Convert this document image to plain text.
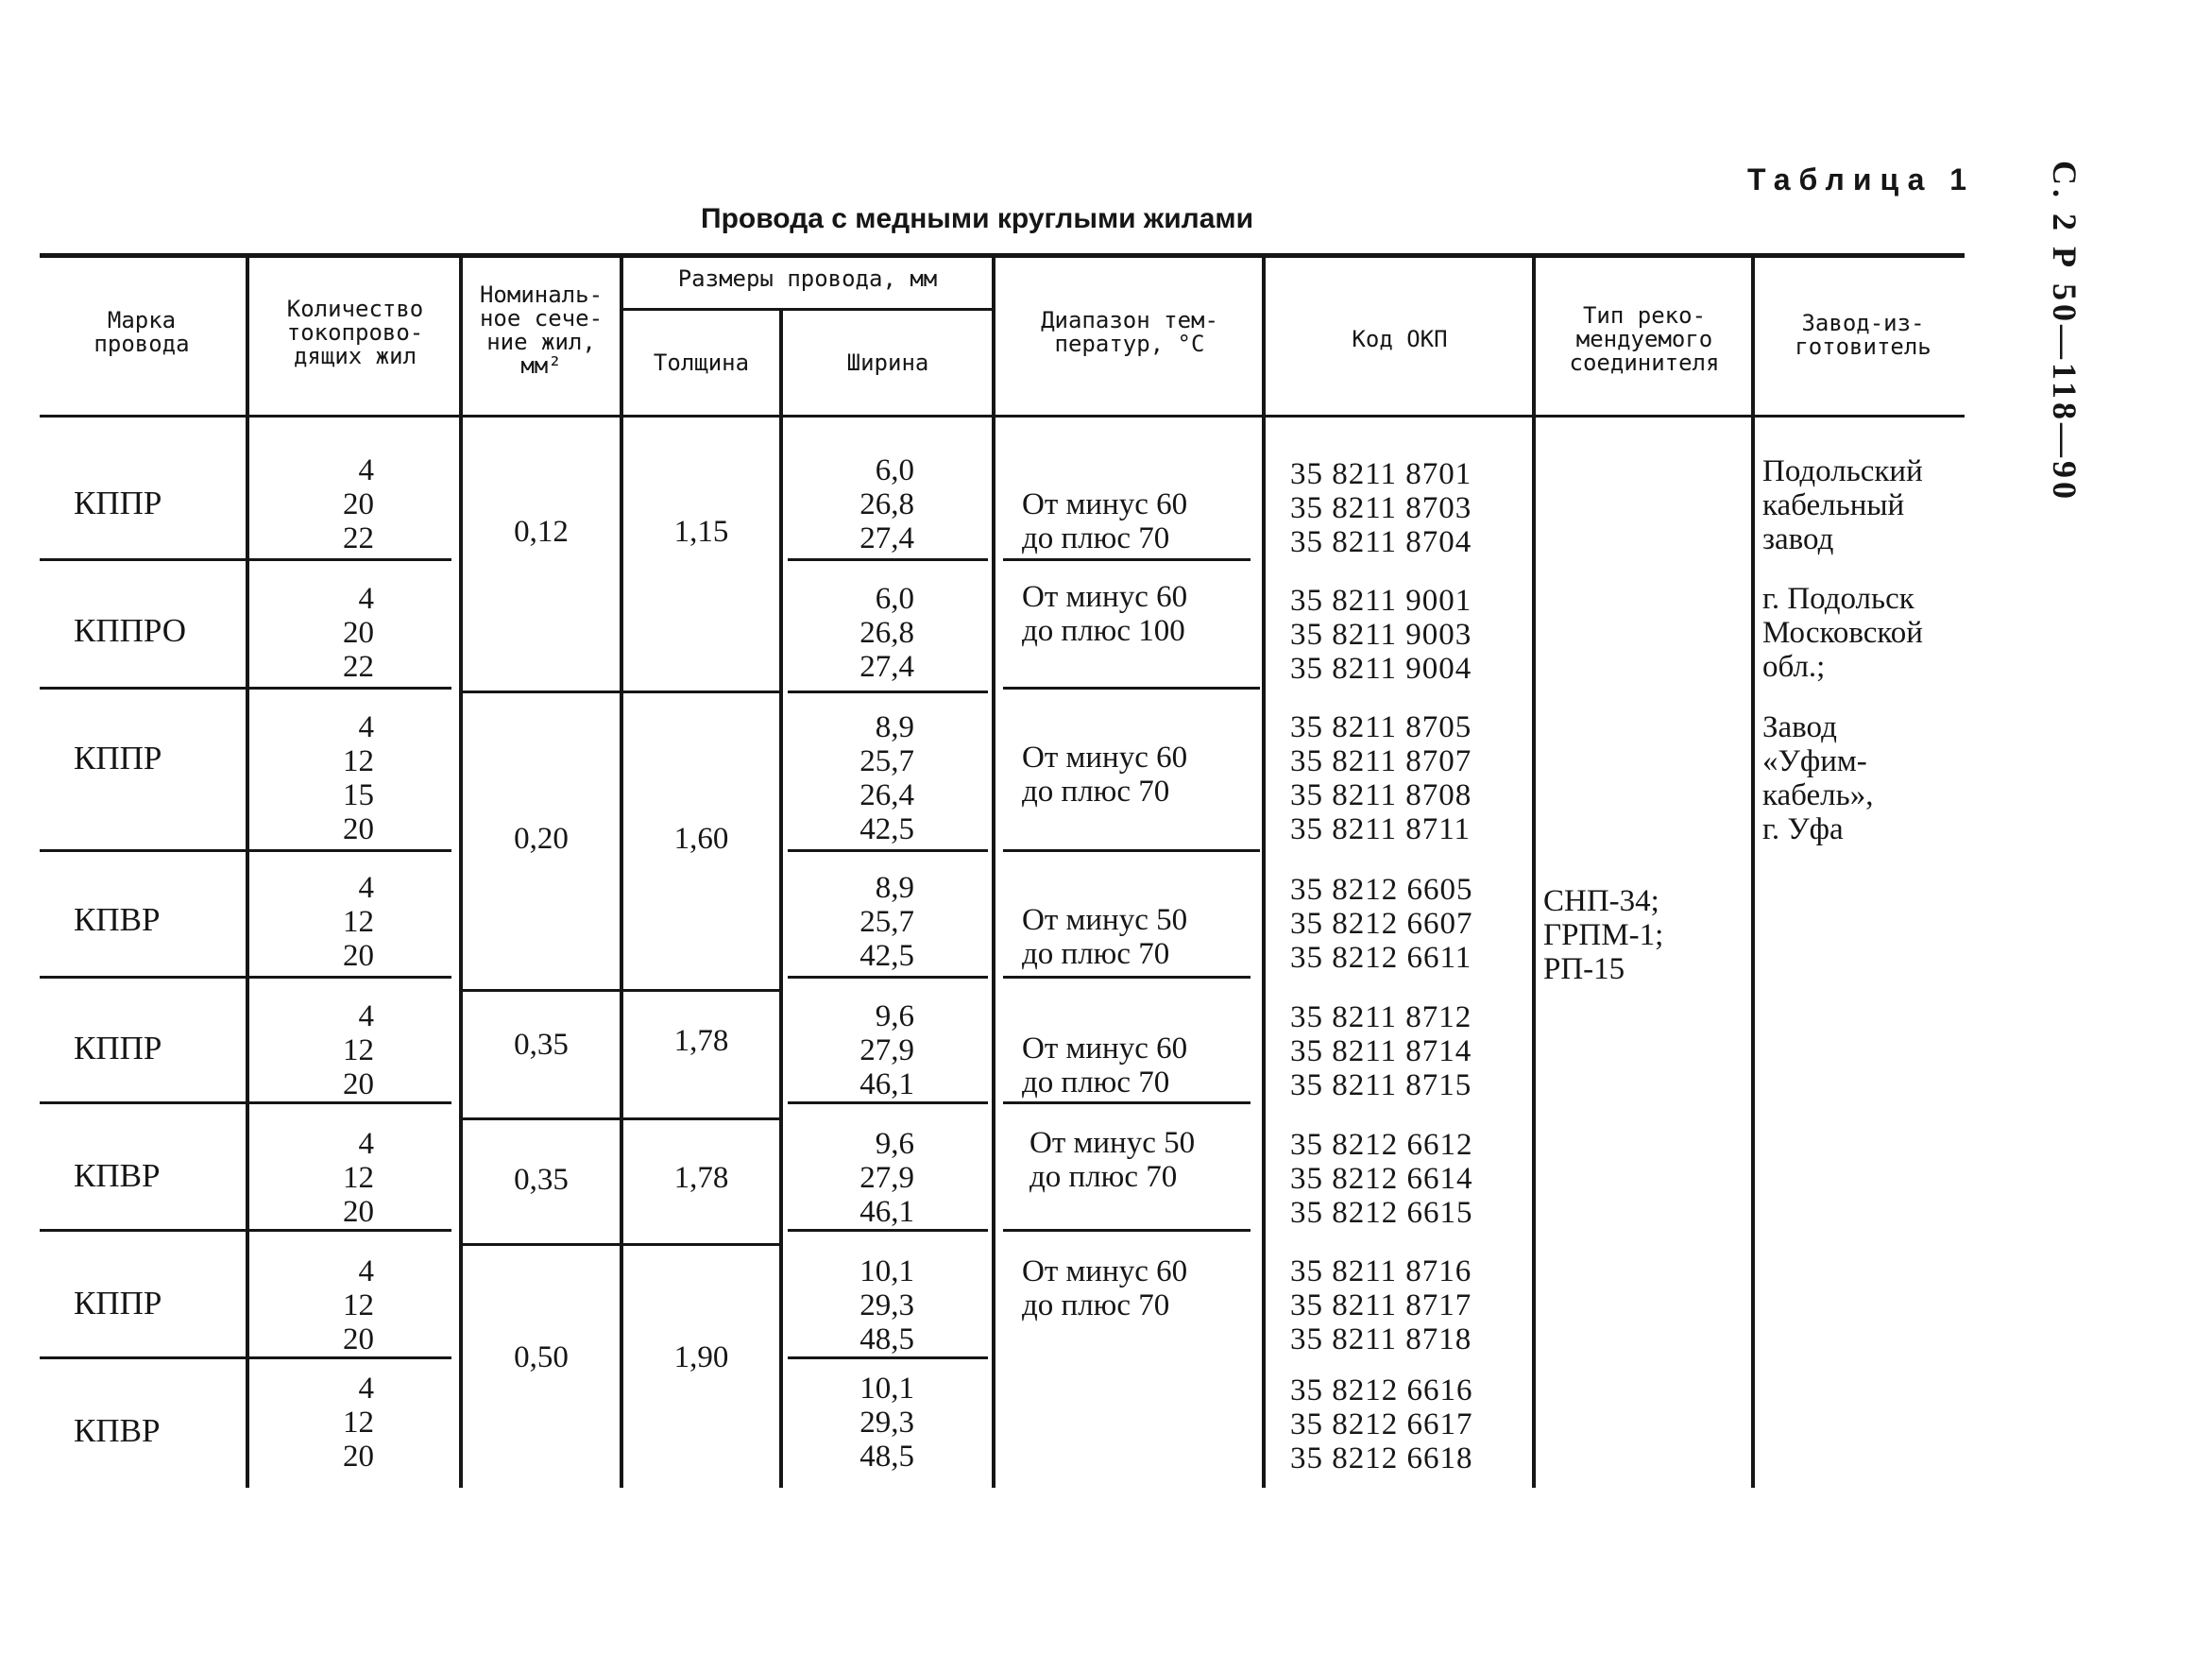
С. 2 Р 50—118—90
Таблица 1
Провода с медными круглыми жилами
Марка
провода
Количество
токопрово-
дящих жил
Номиналь-
ное сече-
ние жил,
мм²
Размеры провода, мм
Толщина	Ширина
Диапазон тем-
ператур, °С	Код ОКП
Тип реко-
мендуемого
соединителя
Завод-из-
готовитель
КППР
КППРО
КППР
КПВР
КППР
КПВР
КППР
КПВР
4
20
22
4
20
22
4
12
15
20
4
12
20
4
12
20
4
12
20
4
12
20
4
12
20
0,12
0,20
0,35
0,35
0,50
1,15
1,60
1,78
1,78
1,90
6,0
26,8
27,4
6,0
26,8
27,4
8,9
25,7
26,4
42,5
8,9
25,7
42,5
9,6
27,9
46,1
9,6
27,9
46,1
10,1
29,3
48,5
10,1
29,3
48,5
От минус 60
до плюс 70
От минус 60
до плюс 100
От минус 60
до плюс 70
От минус 50
до плюс 70
От минус 60
до плюс 70
От минус 50
до плюс 70
От минус 60
до плюс 70
35 8211 8701
35 8211 8703
35 8211 8704
35 8211 9001
35 8211 9003
35 8211 9004
35 8211 8705
35 8211 8707
35 8211 8708
35 8211 8711
35 8212 6605
35 8212 6607
35 8212 6611
35 8211 8712
35 8211 8714
35 8211 8715
35 8212 6612
35 8212 6614
35 8212 6615
35 8211 8716
35 8211 8717
35 8211 8718
35 8212 6616
35 8212 6617
35 8212 6618
СНП-34;
ГРПМ-1;
РП-15
Подольский
кабельный
завод
г. Подольск
Московской
обл.;
Завод
«Уфим-
кабель»,
г. Уфа
